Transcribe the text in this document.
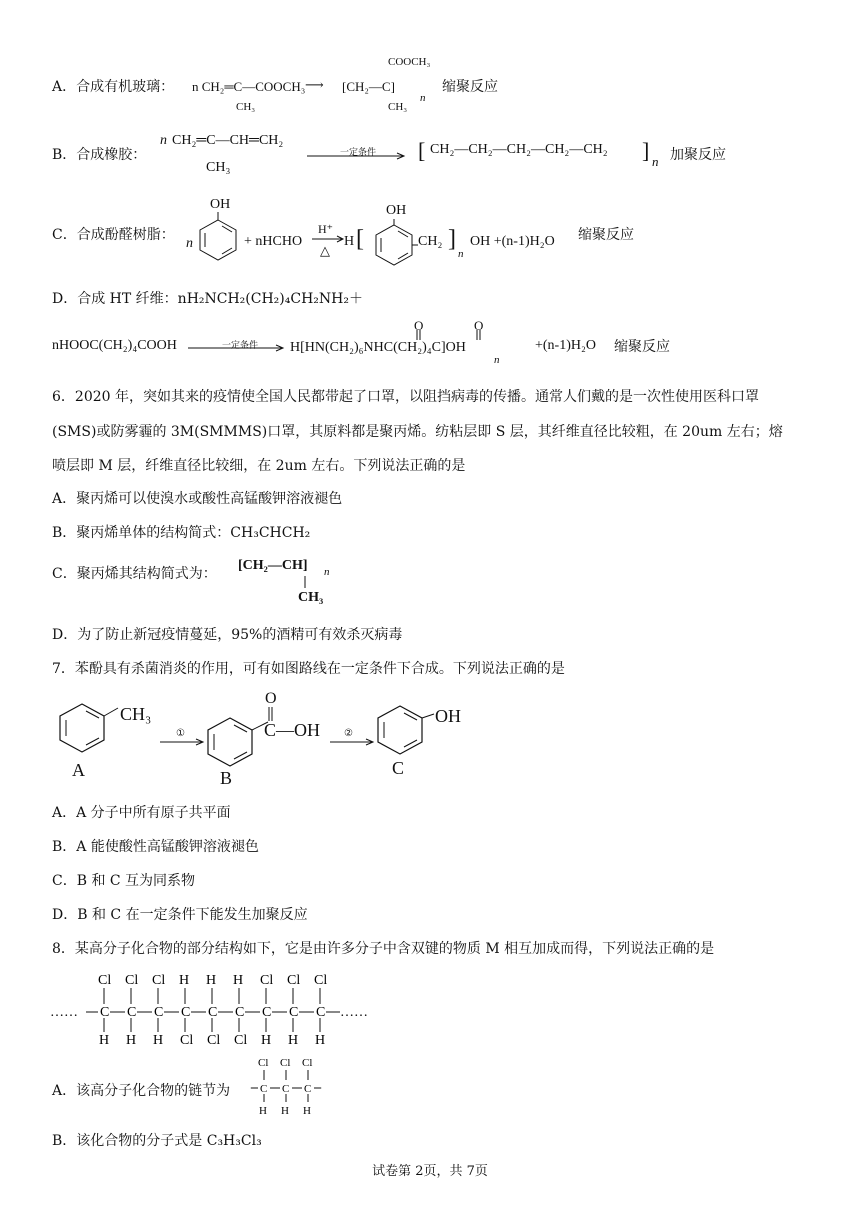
A．合成有机玻璃： n CH₂═C—COOCH₃
CH₃
⟶
COOCH₃
[CH₂—C]
CH₃
n
缩聚反应
B．合成橡胶：
n CH₂═C—CH═CH₂
CH₃
一定条件 [ CH₂—CH₂—CH₂—CH₂—CH₂ ] n 加聚反应
C．合成酚醛树脂：
n
OH
+ nHCHO
H⁺
△
H [
OH
CH₂ ]
n
OH +(n-1)H₂O 缩聚反应
D．合成 HT 纤维：nH₂NCH₂(CH₂)₄CH₂NH₂＋
nHOOC(CH₂)₄COOH	一定条件
O	O
H[HN(CH₂)₆NHC(CH₂)₄C]OH
n
+(n-1)H₂O 缩聚反应
6．2020 年，突如其来的疫情使全国人民都带起了口罩，以阻挡病毒的传播。通常人们戴的是一次性使用医科口罩
(SMS)或防雾霾的 3M(SMMMS)口罩，其原料都是聚丙烯。纺粘层即 S 层，其纤维直径比较粗，在 20um 左右；熔
喷层即 M 层，纤维直径比较细，在 2um 左右。下列说法正确的是
A．聚丙烯可以使溴水或酸性高锰酸钾溶液褪色
B．聚丙烯单体的结构简式：CH₃CHCH₂
C．聚丙烯其结构简式为：
[CH₂—CH] n
CH₃
D．为了防止新冠疫情蔓延，95%的酒精可有效杀灭病毒
7．苯酚具有杀菌消炎的作用，可有如图路线在一定条件下合成。下列说法正确的是
CH₃
A
①
O
C—OH
B
②
OH
C
A．A 分子中所有原子共平面
B．A 能使酸性高锰酸钾溶液褪色
C．B 和 C 互为同系物
D．B 和 C 在一定条件下能发生加聚反应
8．某高分子化合物的部分结构如下，它是由许多分子中含双键的物质 M 相互加成而得，下列说法正确的是
…… C
Cl
H
C
Cl
H
C
Cl
H
C
H
Cl
C
H
Cl
C
H
Cl
C
Cl
H
C
Cl
H
C
Cl
H
……
A．该高分子化合物的链节为	C
Cl
H
C
Cl
H
C
Cl
H
B．该化合物的分子式是 C₃H₃Cl₃
试卷第 2页，共 7页
